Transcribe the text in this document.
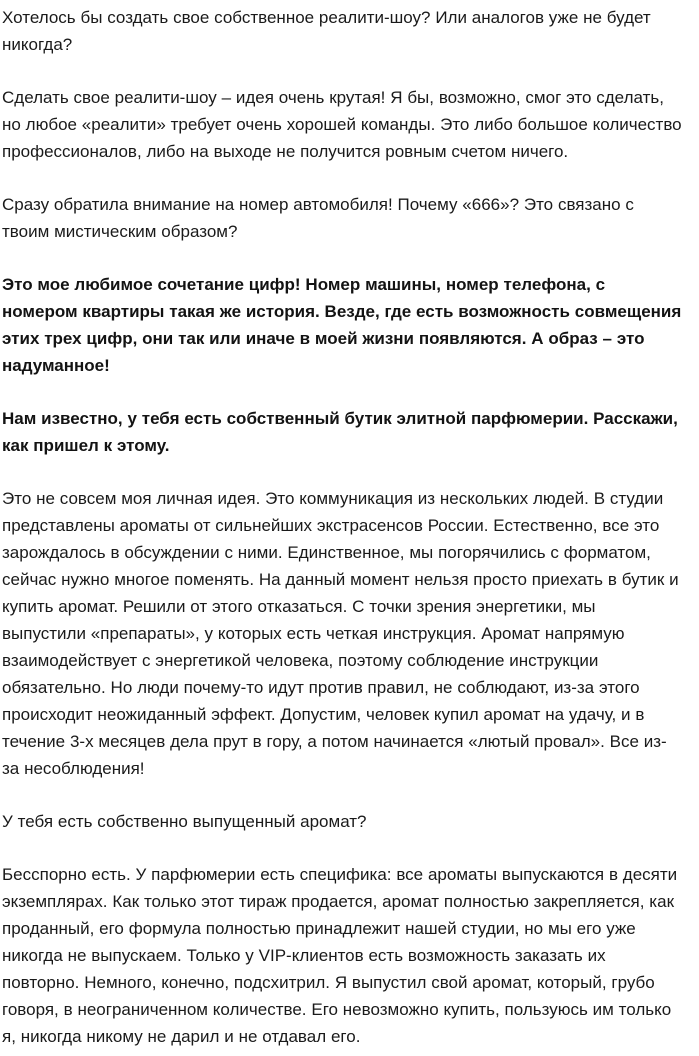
Хотелось бы создать свое собственное реалити-шоу? Или аналогов уже не будет никогда?

Сделать свое реалити-шоу – идея очень крутая! Я бы, возможно, смог это сделать, но любое «реалити» требует очень хорошей команды. Это либо большое количество профессионалов, либо на выходе не получится ровным счетом ничего.

Сразу обратила внимание на номер автомобиля! Почему «666»? Это связано с твоим мистическим образом?

Это мое любимое сочетание цифр! Номер машины, номер телефона, с номером квартиры такая же история. Везде, где есть возможность совмещения этих трех цифр, они так или иначе в моей жизни появляются. А образ – это надуманное!

Нам известно, у тебя есть собственный бутик элитной парфюмерии. Расскажи, как пришел к этому.

Это не совсем моя личная идея. Это коммуникация из нескольких людей. В студии представлены ароматы от сильнейших экстрасенсов России. Естественно, все это зарождалось в обсуждении с ними. Единственное, мы погорячились с форматом, сейчас нужно многое поменять. На данный момент нельзя просто приехать в бутик и купить аромат. Решили от этого отказаться. С точки зрения энергетики, мы выпустили «препараты», у которых есть четкая инструкция. Аромат напрямую взаимодействует с энергетикой человека, поэтому соблюдение инструкции обязательно. Но люди почему-то идут против правил, не соблюдают, из-за этого происходит неожиданный эффект. Допустим, человек купил аромат на удачу, и в течение 3-х месяцев дела прут в гору, а потом начинается «лютый провал». Все из-за несоблюдения!

У тебя есть собственно выпущенный аромат?

Бесспорно есть. У парфюмерии есть специфика: все ароматы выпускаются в десяти экземплярах. Как только этот тираж продается, аромат полностью закрепляется, как проданный, его формула полностью принадлежит нашей студии, но мы его уже никогда не выпускаем. Только у VIP-клиентов есть возможность заказать их повторно. Немного, конечно, подсхитрил. Я выпустил свой аромат, который, грубо говоря, в неограниченном количестве. Его невозможно купить, пользуюсь им только я, никогда никому не дарил и не отдавал его.
